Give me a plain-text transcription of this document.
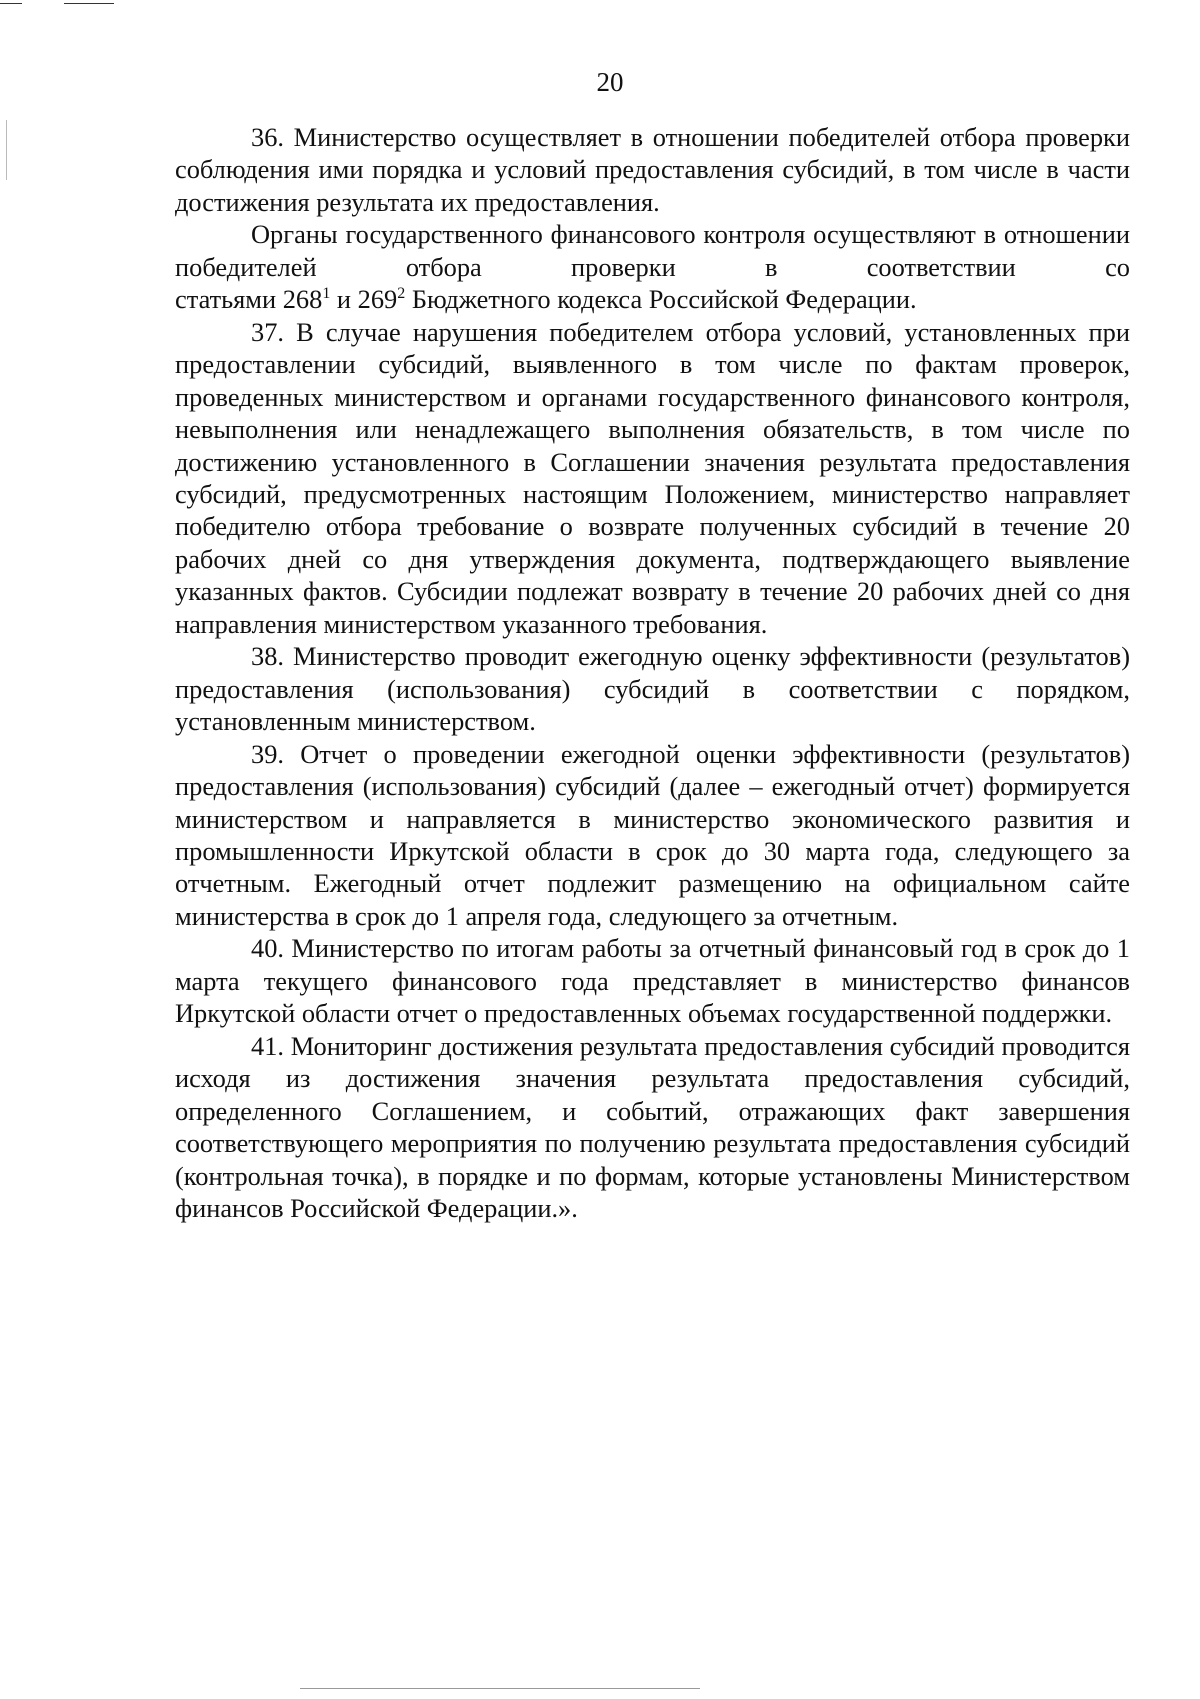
20

36. Министерство осуществляет в отношении победителей отбора проверки соблюдения ими порядка и условий предоставления субсидий, в том числе в части достижения результата их предоставления.

Органы государственного финансового контроля осуществляют в отношении победителей отбора проверки в соответствии со

статьями $268^1$ и $269^2$ Бюджетного кодекса Российской Федерации.

37. В случае нарушения победителем отбора условий, установленных при предоставлении субсидий, выявленного в том числе по фактам проверок, проведенных министерством и органами государственного финансового контроля, невыполнения или ненадлежащего выполнения обязательств, в том числе по достижению установленного в Соглашении значения результата предоставления субсидий, предусмотренных настоящим Положением, министерство направляет победителю отбора требование о возврате полученных субсидий в течение 20 рабочих дней со дня утверждения документа, подтверждающего выявление указанных фактов. Субсидии подлежат возврату в течение 20 рабочих дней со дня направления министерством указанного требования.

38. Министерство проводит ежегодную оценку эффективности (результатов) предоставления (использования) субсидий в соответствии с порядком, установленным министерством.

39. Отчет о проведении ежегодной оценки эффективности (результатов) предоставления (использования) субсидий (далее – ежегодный отчет) формируется министерством и направляется в министерство экономического развития и промышленности Иркутской области в срок до 30 марта года, следующего за отчетным. Ежегодный отчет подлежит размещению на официальном сайте министерства в срок до 1 апреля года, следующего за отчетным.

40. Министерство по итогам работы за отчетный финансовый год в срок до 1 марта текущего финансового года представляет в министерство финансов Иркутской области отчет о предоставленных объемах государственной поддержки.

41. Мониторинг достижения результата предоставления субсидий проводится исходя из достижения значения результата предоставления субсидий, определенного Соглашением, и событий, отражающих факт завершения соответствующего мероприятия по получению результата предоставления субсидий (контрольная точка), в порядке и по формам, которые установлены Министерством финансов Российской Федерации.».
